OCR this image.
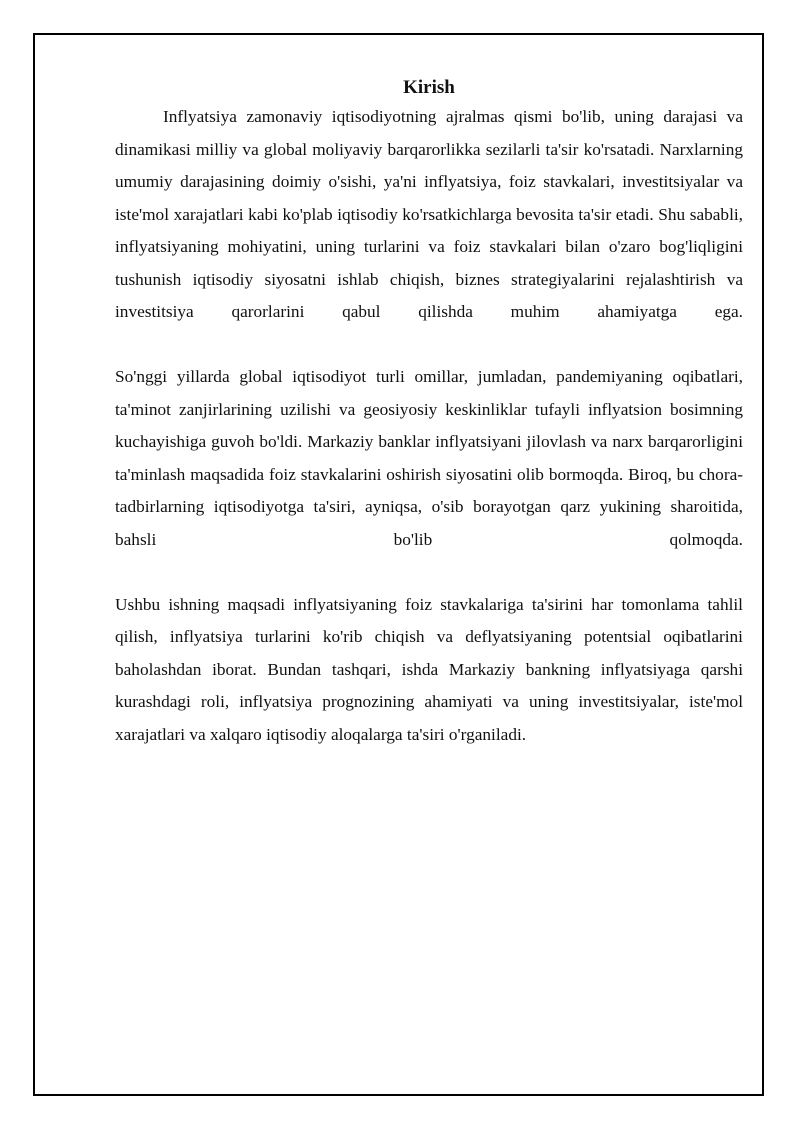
Kirish

Inflyatsiya zamonaviy iqtisodiyotning ajralmas qismi bo'lib, uning darajasi va dinamikasi milliy va global moliyaviy barqarorlikka sezilarli ta'sir ko'rsatadi. Narxlarning umumiy darajasining doimiy o'sishi, ya'ni inflyatsiya, foiz stavkalari, investitsiyalar va iste'mol xarajatlari kabi ko'plab iqtisodiy ko'rsatkichlarga bevosita ta'sir etadi. Shu sababli, inflyatsiyaning mohiyatini, uning turlarini va foiz stavkalari bilan o'zaro bog'liqligini tushunish iqtisodiy siyosatni ishlab chiqish, biznes strategiyalarini rejalashtirish va investitsiya qarorlarini qabul qilishda muhim ahamiyatga ega.

So'nggi yillarda global iqtisodiyot turli omillar, jumladan, pandemiyaning oqibatlari, ta'minot zanjirlarining uzilishi va geosiyosiy keskinliklar tufayli inflyatsion bosimning kuchayishiga guvoh bo'ldi. Markaziy banklar inflyatsiyani jilovlash va narx barqarorligini ta'minlash maqsadida foiz stavkalarini oshirish siyosatini olib bormoqda. Biroq, bu chora-tadbirlarning iqtisodiyotga ta'siri, ayniqsa, o'sib borayotgan qarz yukining sharoitida, bahsli bo'lib qolmoqda.

Ushbu ishning maqsadi inflyatsiyaning foiz stavkalariga ta'sirini har tomonlama tahlil qilish, inflyatsiya turlarini ko'rib chiqish va deflyatsiyaning potentsial oqibatlarini baholashdan iborat. Bundan tashqari, ishda Markaziy bankning inflyatsiyaga qarshi kurashdagi roli, inflyatsiya prognozining ahamiyati va uning investitsiyalar, iste'mol xarajatlari va xalqaro iqtisodiy aloqalarga ta'siri o'rganiladi.
